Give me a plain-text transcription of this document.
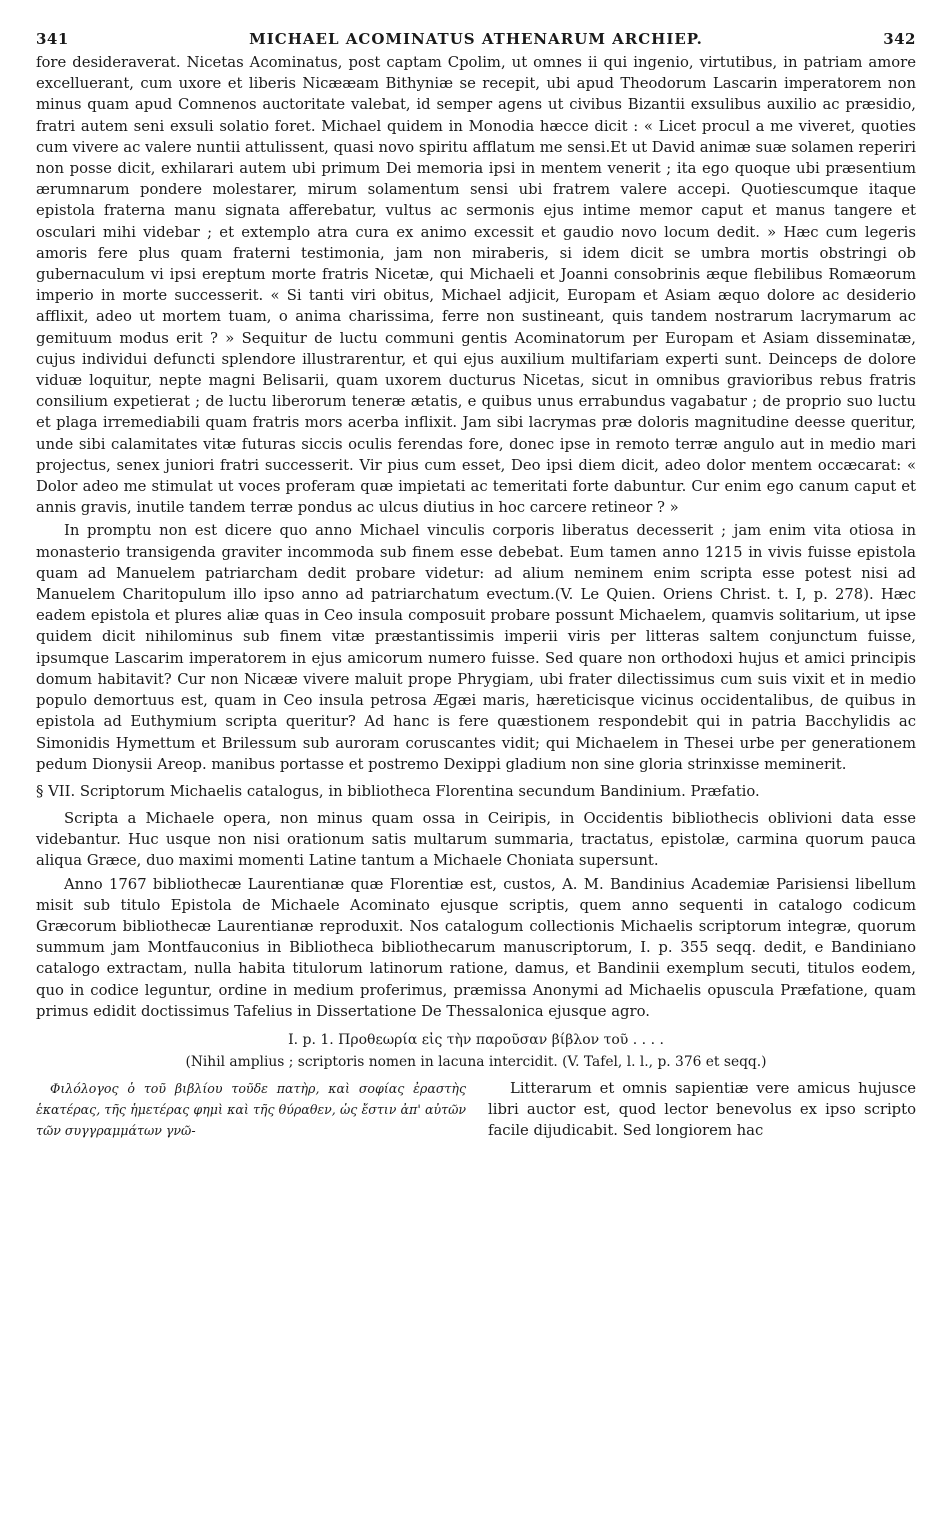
341	MICHAEL ACOMINATUS ATHENARUM ARCHIEP.	342

fore desideraverat. Nicetas Acominatus, post captam Cpolim, ut omnes ii qui ingenio, virtutibus, in patriam amore excelluerant, cum uxore et liberis Nicææam Bithyniæ se recepit, ubi apud Theodorum Lascarin imperatorem non minus quam apud Comnenos auctoritate valebat, id semper agens ut civibus Bizantii exsulibus auxilio ac præsidio, fratri autem seni exsuli solatio foret. Michael quidem in Monodia hæcce dicit : « Licet procul a me viveret, quoties cum vivere ac valere nuntii attulissent, quasi novo spiritu afflatum me sensi.Et ut David animæ suæ solamen reperiri non posse dicit, exhilarari autem ubi primum Dei memoria ipsi in mentem venerit ; ita ego quoque ubi præsentium ærumnarum pondere molestarer, mirum solamentum sensi ubi fratrem valere accepi. Quotiescumque itaque epistola fraterna manu signata afferebatur, vultus ac sermonis ejus intime memor caput et manus tangere et osculari mihi videbar ; et extemplo atra cura ex animo excessit et gaudio novo locum dedit. » Hæc cum legeris amoris fere plus quam fraterni testimonia, jam non miraberis, si idem dicit se umbra mortis obstringi ob gubernaculum vi ipsi ereptum morte fratris Nicetæ, qui Michaeli et Joanni consobrinis æque flebilibus Romæorum imperio in morte successerit. « Si tanti viri obitus, Michael adjicit, Europam et Asiam æquo dolore ac desiderio afflixit, adeo ut mortem tuam, o anima charissima, ferre non sustineant, quis tandem nostrarum lacrymarum ac gemituum modus erit ? » Sequitur de luctu communi gentis Acominatorum per Europam et Asiam disseminatæ, cujus individui defuncti splendore illustrarentur, et qui ejus auxilium multifariam experti sunt. Deinceps de dolore viduæ loquitur, nepte magni Belisarii, quam uxorem ducturus Nicetas, sicut in omnibus gravioribus rebus fratris consilium expetierat ; de luctu liberorum teneræ ætatis, e quibus unus errabundus vagabatur ; de proprio suo luctu et plaga irremediabili quam fratris mors acerba inflixit. Jam sibi lacrymas præ doloris magnitudine deesse queritur, unde sibi calamitates vitæ futuras siccis oculis ferendas fore, donec ipse in remoto terræ angulo aut in medio mari projectus, senex juniori fratri successerit. Vir pius cum esset, Deo ipsi diem dicit, adeo dolor mentem occæcarat: « Dolor adeo me stimulat ut voces proferam quæ impietati ac temeritati forte dabuntur. Cur enim ego canum caput et annis gravis, inutile tandem terræ pondus ac ulcus diutius in hoc carcere retineor ? »

In promptu non est dicere quo anno Michael vinculis corporis liberatus decesserit ; jam enim vita otiosa in monasterio transigenda graviter incommoda sub finem esse debebat. Eum tamen anno 1215 in vivis fuisse epistola quam ad Manuelem patriarcham dedit probare videtur: ad alium neminem enim scripta esse potest nisi ad Manuelem Charitopulum illo ipso anno ad patriarchatum evectum.(V. Le Quien. Oriens Christ. t. I, p. 278). Hæc eadem epistola et plures aliæ quas in Ceo insula composuit probare possunt Michaelem, quamvis solitarium, ut ipse quidem dicit nihilominus sub finem vitæ præstantissimis imperii viris per litteras saltem conjunctum fuisse, ipsumque Lascarim imperatorem in ejus amicorum numero fuisse. Sed quare non orthodoxi hujus et amici principis domum habitavit? Cur non Nicææ vivere maluit prope Phrygiam, ubi frater dilectissimus cum suis vixit et in medio populo demortuus est, quam in Ceo insula petrosa Ægæi maris, hæreticisque vicinus occidentalibus, de quibus in epistola ad Euthymium scripta queritur? Ad hanc is fere quæstionem respondebit qui in patria Bacchylidis ac Simonidis Hymettum et Brilessum sub auroram coruscantes vidit; qui Michaelem in Thesei urbe per generationem pedum Dionysii Areop. manibus portasse et postremo Dexippi gladium non sine gloria strinxisse meminerit.

§ VII. Scriptorum Michaelis catalogus, in bibliotheca Florentina secundum Bandinium. Præfatio.

Scripta a Michaele opera, non minus quam ossa in Ceiripis, in Occidentis bibliothecis oblivioni data esse videbantur. Huc usque non nisi orationum satis multarum summaria, tractatus, epistolæ, carmina quorum pauca aliqua Græce, duo maximi momenti Latine tantum a Michaele Choniata supersunt.

Anno 1767 bibliothecæ Laurentianæ quæ Florentiæ est, custos, A. M. Bandinius Academiæ Parisiensi libellum misit sub titulo Epistola de Michaele Acominato ejusque scriptis, quem anno sequenti in catalogo codicum Græcorum bibliothecæ Laurentianæ reproduxit. Nos catalogum collectionis Michaelis scriptorum integræ, quorum summum jam Montfauconius in Bibliotheca bibliothecarum manuscriptorum, I. p. 355 seqq. dedit, e Bandiniano catalogo extractam, nulla habita titulorum latinorum ratione, damus, et Bandinii exemplum secuti, titulos eodem, quo in codice leguntur, ordine in medium proferimus, præmissa Anonymi ad Michaelis opuscula Præfatione, quam primus edidit doctissimus Tafelius in Dissertatione De Thessalonica ejusque agro.

I. p. 1. Προθεωρία εἰς τὴν παροῦσαν βίβλον τοῦ . . . .
(Nihil amplius ; scriptoris nomen in lacuna intercidit. (V. Tafel, l. l., p. 376 et seqq.)

Φιλόλογος ὁ τοῦ βιβλίου τοῦδε πατὴρ, καὶ σοφίας ἐραστὴς ἑκατέρας, τῆς ἡμετέρας φημὶ καὶ τῆς θύραθεν, ὡς ἔστιν ἀπ' αὐτῶν τῶν συγγραμμάτων γνῶ-

Litterarum et omnis sapientiæ vere amicus hujusce libri auctor est, quod lector benevolus ex ipso scripto facile dijudicabit. Sed longiorem hac
